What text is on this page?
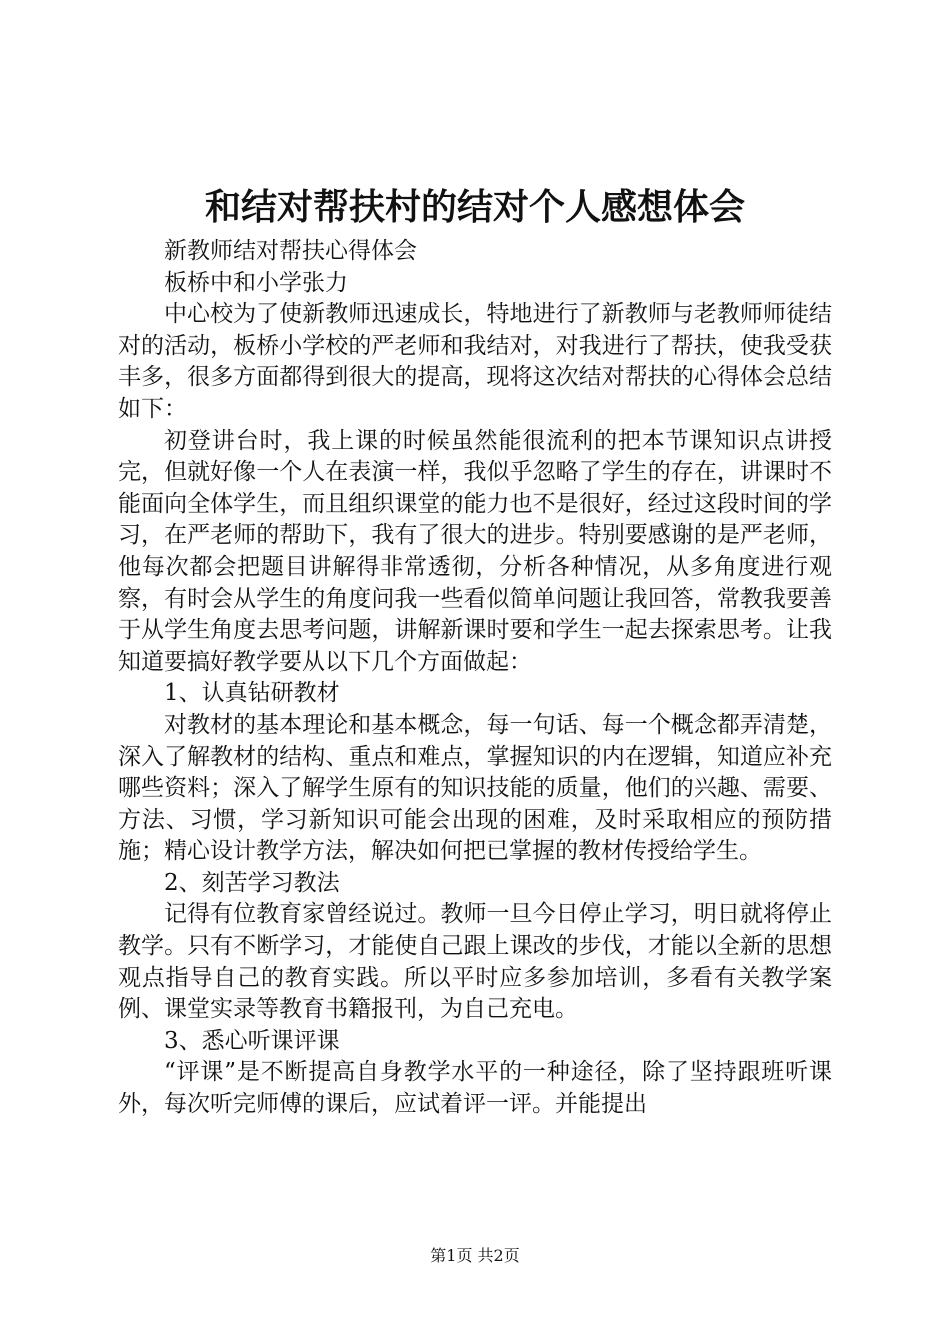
和结对帮扶村的结对个人感想体会

新教师结对帮扶心得体会

板桥中和小学张力

中心校为了使新教师迅速成长，特地进行了新教师与老教师师徒结对的活动，板桥小学校的严老师和我结对，对我进行了帮扶，使我受获丰多，很多方面都得到很大的提高，现将这次结对帮扶的心得体会总结如下：

初登讲台时，我上课的时候虽然能很流利的把本节课知识点讲授完，但就好像一个人在表演一样，我似乎忽略了学生的存在，讲课时不能面向全体学生，而且组织课堂的能力也不是很好，经过这段时间的学习，在严老师的帮助下，我有了很大的进步。特别要感谢的是严老师，他每次都会把题目讲解得非常透彻，分析各种情况，从多角度进行观察，有时会从学生的角度问我一些看似简单问题让我回答，常教我要善于从学生角度去思考问题，讲解新课时要和学生一起去探索思考。让我知道要搞好教学要从以下几个方面做起：

1、认真钻研教材

对教材的基本理论和基本概念，每一句话、每一个概念都弄清楚，深入了解教材的结构、重点和难点，掌握知识的内在逻辑，知道应补充哪些资料；深入了解学生原有的知识技能的质量，他们的兴趣、需要、方法、习惯，学习新知识可能会出现的困难，及时采取相应的预防措施；精心设计教学方法，解决如何把已掌握的教材传授给学生。

2、刻苦学习教法

记得有位教育家曾经说过。教师一旦今日停止学习，明日就将停止教学。只有不断学习，才能使自己跟上课改的步伐，才能以全新的思想观点指导自己的教育实践。所以平时应多参加培训，多看有关教学案例、课堂实录等教育书籍报刊，为自己充电。

3、悉心听课评课

“评课”是不断提高自身教学水平的一种途径，除了坚持跟班听课外，每次听完师傅的课后，应试着评一评。并能提出

第1页 共2页
